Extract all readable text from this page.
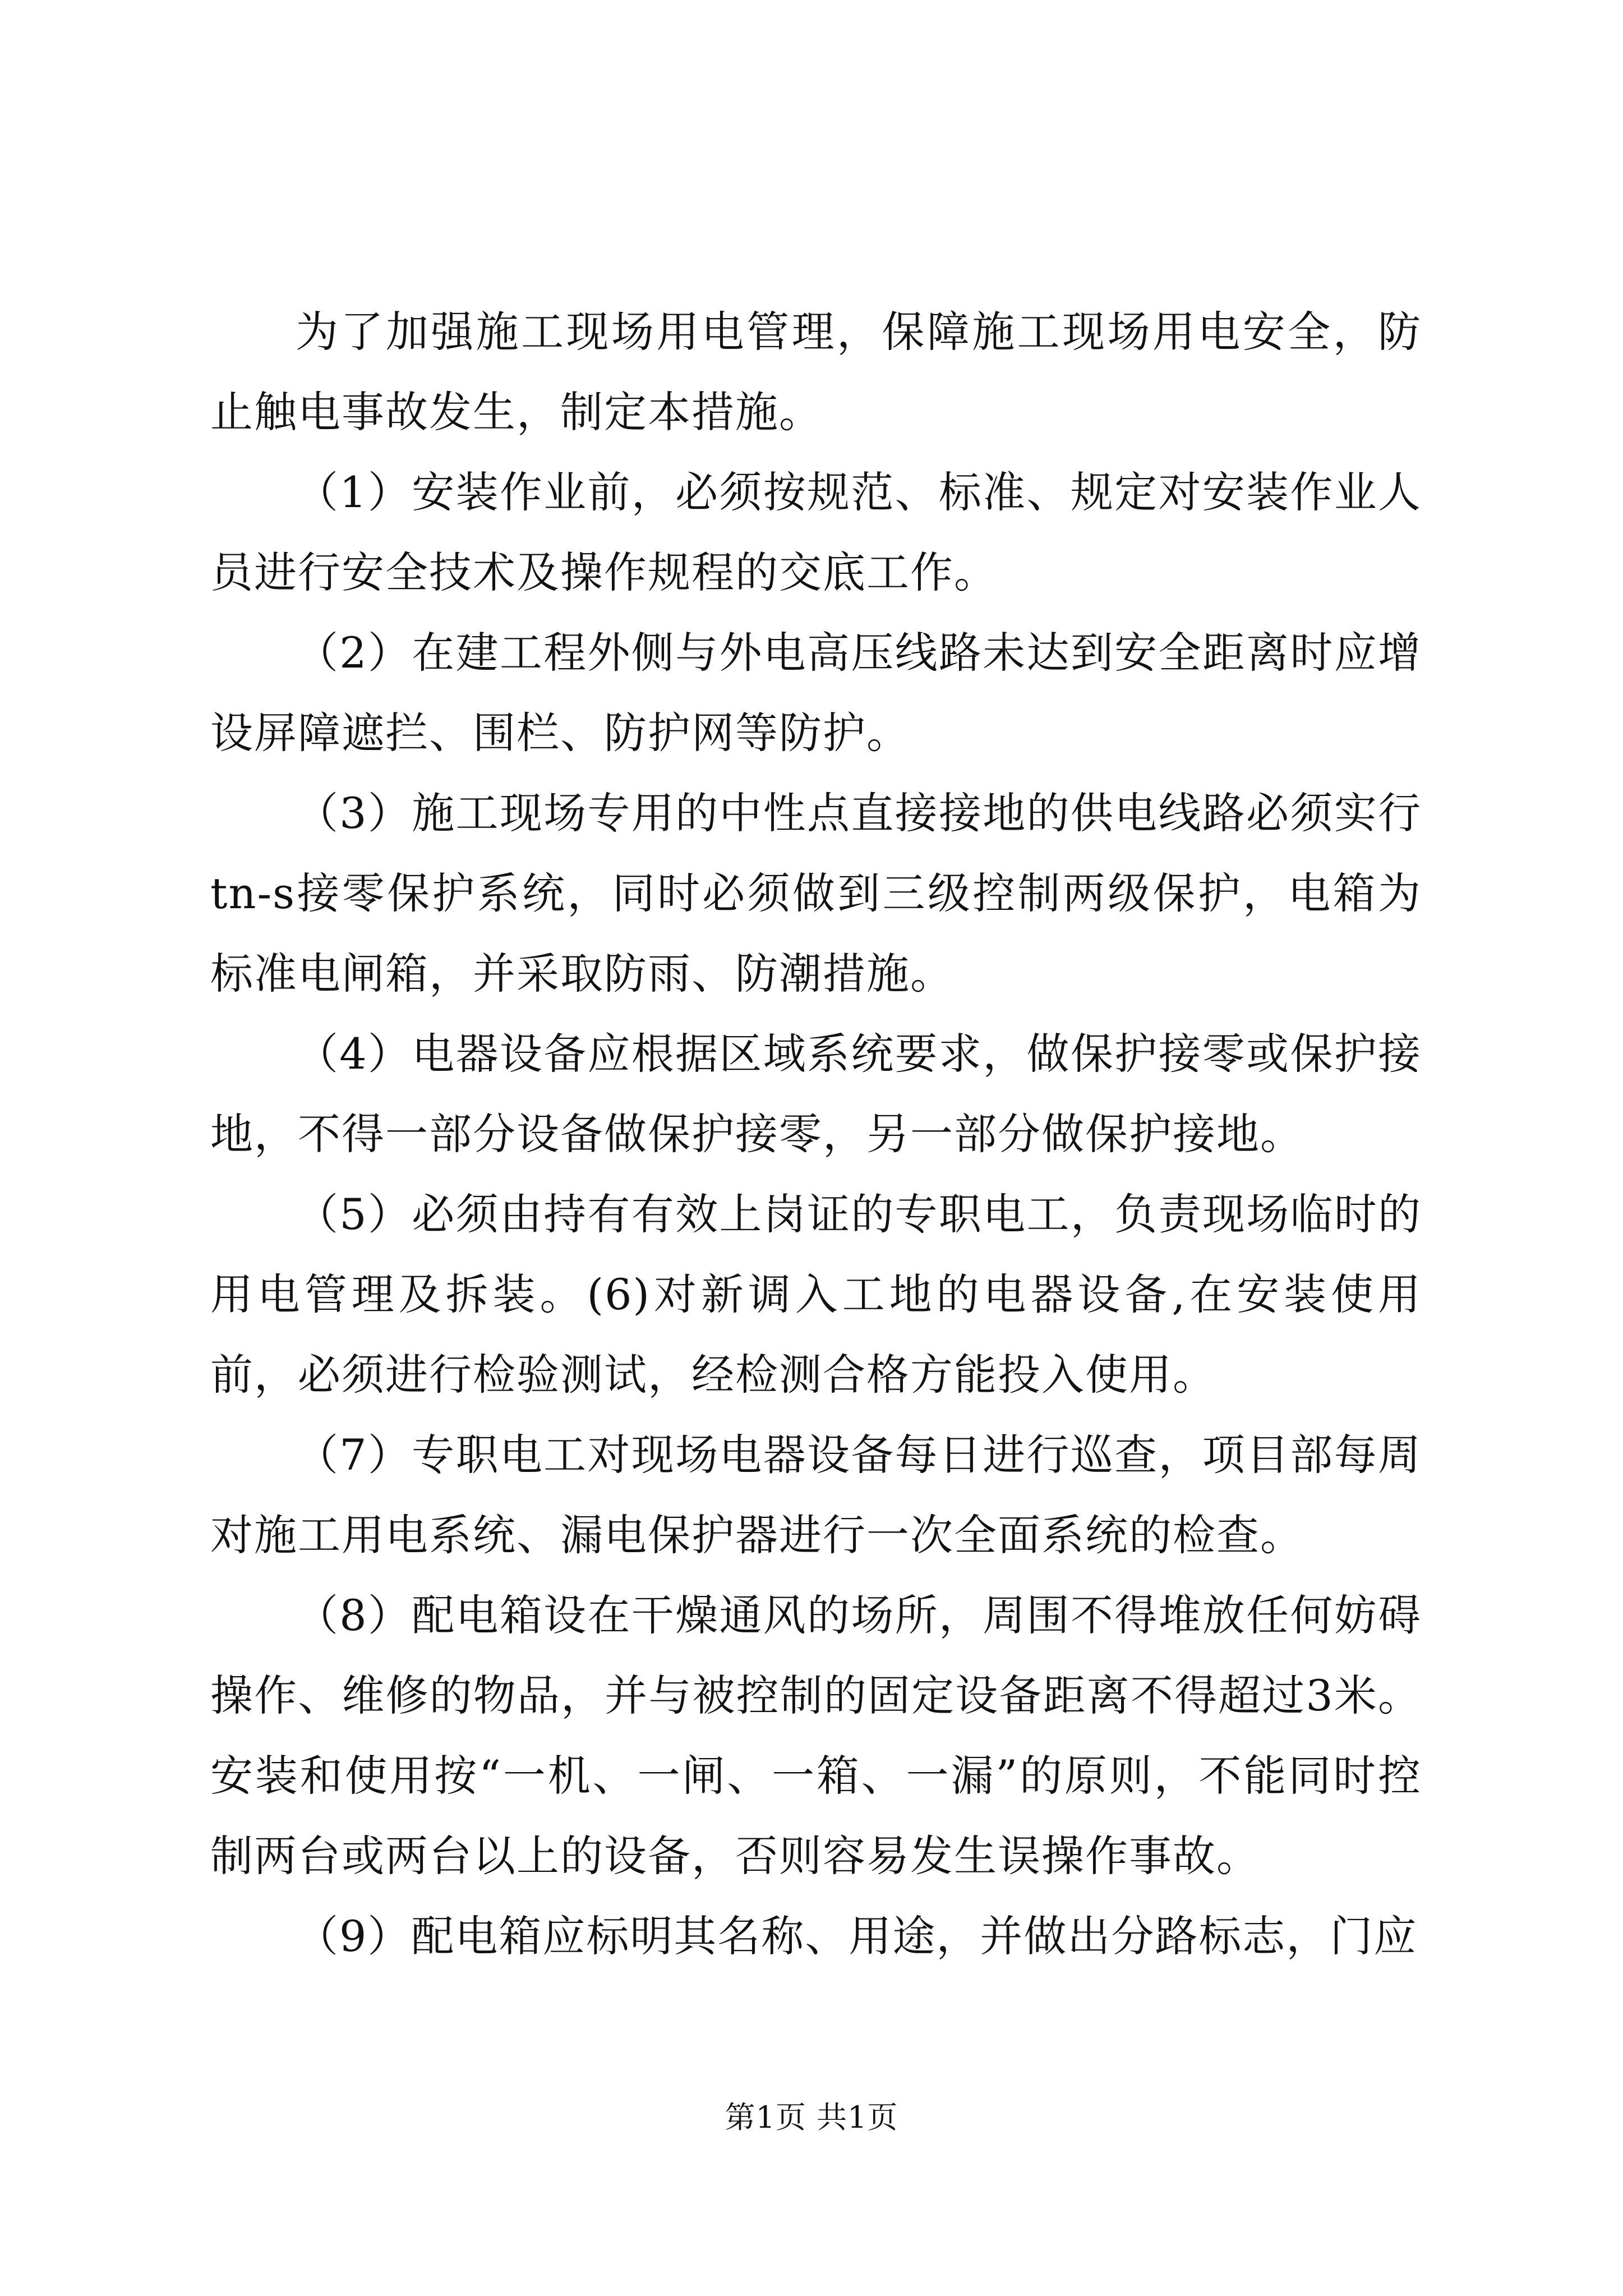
为了加强施工现场用电管理，保障施工现场用电安全，防止触电事故发生，制定本措施。

（1）安装作业前，必须按规范、标准、规定对安装作业人员进行安全技术及操作规程的交底工作。

（2）在建工程外侧与外电高压线路未达到安全距离时应增设屏障遮拦、围栏、防护网等防护。

（3）施工现场专用的中性点直接接地的供电线路必须实行tn-s接零保护系统，同时必须做到三级控制两级保护，电箱为标准电闸箱，并采取防雨、防潮措施。

（4）电器设备应根据区域系统要求，做保护接零或保护接地，不得一部分设备做保护接零，另一部分做保护接地。

（5）必须由持有有效上岗证的专职电工，负责现场临时的用电管理及拆装。(6)对新调入工地的电器设备,在安装使用前，必须进行检验测试，经检测合格方能投入使用。

（7）专职电工对现场电器设备每日进行巡查，项目部每周对施工用电系统、漏电保护器进行一次全面系统的检查。

（8）配电箱设在干燥通风的场所，周围不得堆放任何妨碍操作、维修的物品，并与被控制的固定设备距离不得超过3米。安装和使用按“一机、一闸、一箱、一漏”的原则，不能同时控制两台或两台以上的设备，否则容易发生误操作事故。

（9）配电箱应标明其名称、用途，并做出分路标志，门应

第1页 共1页
